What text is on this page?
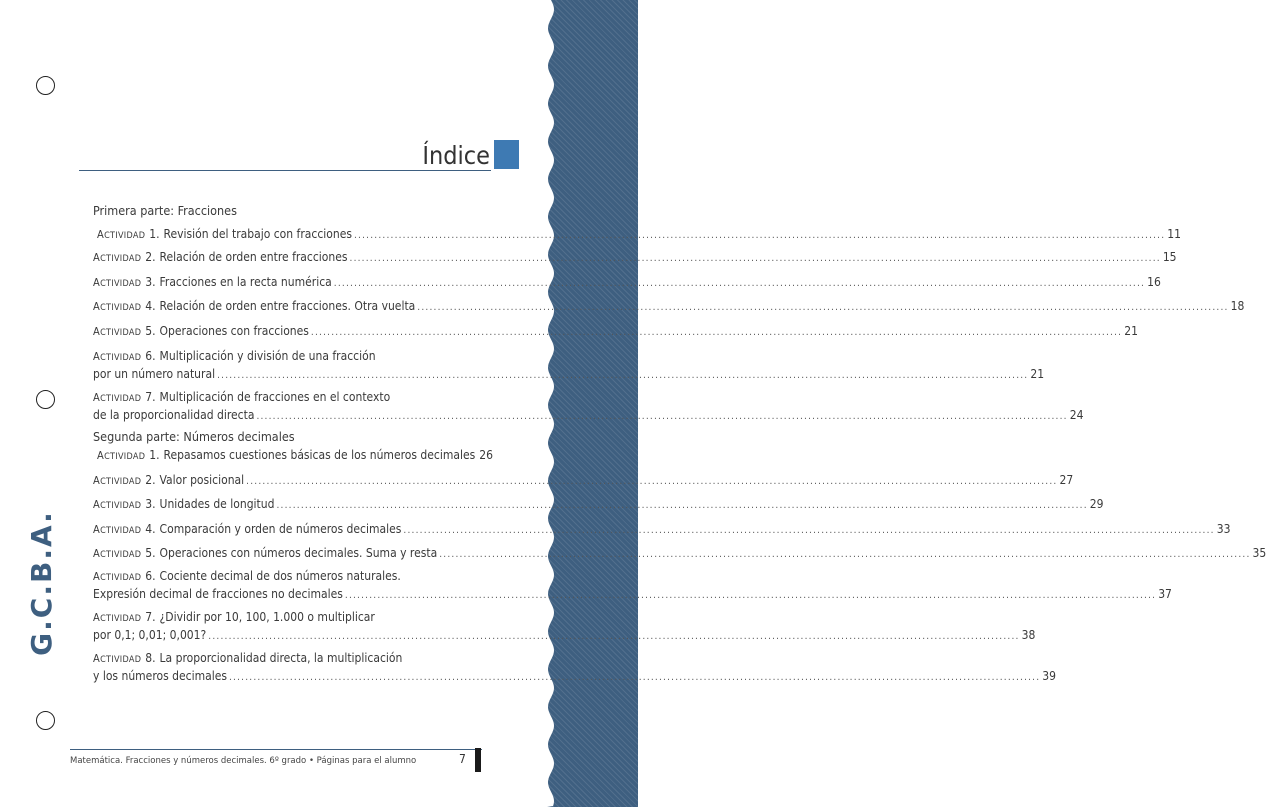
G.C.B.A.
Índice
Primera parte: Fracciones
Segunda parte: Números decimales
ACTIVIDAD 1. Revisión del trabajo con fracciones ........................................................................................................................................................................................................ 11
ACTIVIDAD 2. Relación de orden entre fracciones ........................................................................................................................................................................................................ 15
ACTIVIDAD 3. Fracciones en la recta numérica ........................................................................................................................................................................................................ 16
ACTIVIDAD 4. Relación de orden entre fracciones. Otra vuelta ........................................................................................................................................................................................................ 18
ACTIVIDAD 5. Operaciones con fracciones ........................................................................................................................................................................................................ 21
ACTIVIDAD 6. Multiplicación y división de una fracción
por un número natural ........................................................................................................................................................................................................ 21
ACTIVIDAD 7. Multiplicación de fracciones en el contexto
de la proporcionalidad directa ........................................................................................................................................................................................................ 24
ACTIVIDAD 1. Repasamos cuestiones básicas de los números decimales 26
ACTIVIDAD 2. Valor posicional ........................................................................................................................................................................................................ 27
ACTIVIDAD 3. Unidades de longitud ........................................................................................................................................................................................................ 29
ACTIVIDAD 4. Comparación y orden de números decimales ........................................................................................................................................................................................................ 33
ACTIVIDAD 5. Operaciones con números decimales. Suma y resta ........................................................................................................................................................................................................ 35
ACTIVIDAD 6. Cociente decimal de dos números naturales.
Expresión decimal de fracciones no decimales ........................................................................................................................................................................................................ 37
ACTIVIDAD 7. ¿Dividir por 10, 100, 1.000 o multiplicar
por 0,1; 0,01; 0,001? ........................................................................................................................................................................................................ 38
ACTIVIDAD 8. La proporcionalidad directa, la multiplicación
y los números decimales ........................................................................................................................................................................................................ 39
Matemática. Fracciones y números decimales. 6º grado • Páginas para el alumno	7
